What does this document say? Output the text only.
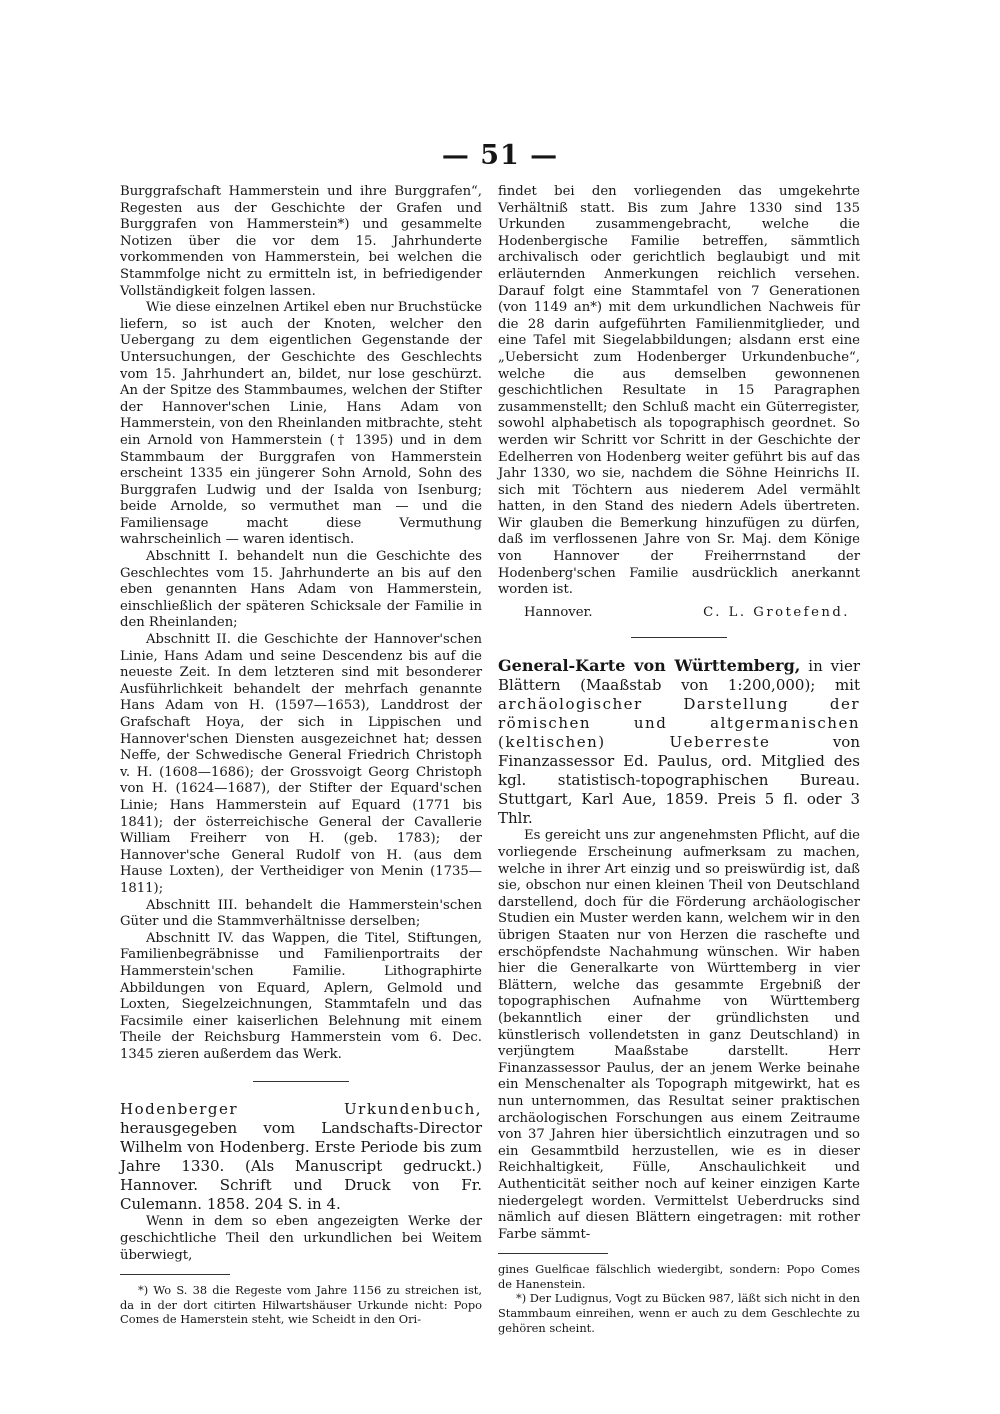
— 51 —

Burggrafschaft Hammerstein und ihre Burggrafen“, Regesten aus der Geschichte der Grafen und Burggrafen von Hammerstein*) und gesammelte Notizen über die vor dem 15. Jahrhunderte vorkommenden von Hammerstein, bei welchen die Stammfolge nicht zu ermitteln ist, in befriedigender Vollständigkeit folgen lassen.

Wie diese einzelnen Artikel eben nur Bruchstücke liefern, so ist auch der Knoten, welcher den Uebergang zu dem eigentlichen Gegenstande der Untersuchungen, der Geschichte des Geschlechts vom 15. Jahrhundert an, bildet, nur lose geschürzt. An der Spitze des Stammbaumes, welchen der Stifter der Hannover'schen Linie, Hans Adam von Hammerstein, von den Rheinlanden mitbrachte, steht ein Arnold von Hammerstein († 1395) und in dem Stammbaum der Burggrafen von Hammerstein erscheint 1335 ein jüngerer Sohn Arnold, Sohn des Burggrafen Ludwig und der Isalda von Isenburg; beide Arnolde, so vermuthet man — und die Familiensage macht diese Vermuthung wahrscheinlich — waren identisch.

Abschnitt I. behandelt nun die Geschichte des Geschlechtes vom 15. Jahrhunderte an bis auf den eben genannten Hans Adam von Hammerstein, einschließlich der späteren Schicksale der Familie in den Rheinlanden;

Abschnitt II. die Geschichte der Hannover'schen Linie, Hans Adam und seine Descendenz bis auf die neueste Zeit. In dem letzteren sind mit besonderer Ausführlichkeit behandelt der mehrfach genannte Hans Adam von H. (1597—1653), Landdrost der Grafschaft Hoya, der sich in Lippischen und Hannover'schen Diensten ausgezeichnet hat; dessen Neffe, der Schwedische General Friedrich Christoph v. H. (1608—1686); der Grossvoigt Georg Christoph von H. (1624—1687), der Stifter der Equard'schen Linie; Hans Hammerstein auf Equard (1771 bis 1841); der österreichische General der Cavallerie William Freiherr von H. (geb. 1783); der Hannover'sche General Rudolf von H. (aus dem Hause Loxten), der Vertheidiger von Menin (1735—1811);

Abschnitt III. behandelt die Hammerstein'schen Güter und die Stammverhältnisse derselben;

Abschnitt IV. das Wappen, die Titel, Stiftungen, Familienbegräbnisse und Familienportraits der Hammerstein'schen Familie. Lithographirte Abbildungen von Equard, Aplern, Gelmold und Loxten, Siegelzeichnungen, Stammtafeln und das Facsimile einer kaiserlichen Belehnung mit einem Theile der Reichsburg Hammerstein vom 6. Dec. 1345 zieren außerdem das Werk.

Hodenberger Urkundenbuch, herausgegeben vom Landschafts-Director Wilhelm von Hodenberg. Erste Periode bis zum Jahre 1330. (Als Manuscript gedruckt.) Hannover. Schrift und Druck von Fr. Culemann. 1858. 204 S. in 4.

Wenn in dem so eben angezeigten Werke der geschichtliche Theil den urkundlichen bei Weitem überwiegt,

*) Wo S. 38 die Regeste vom Jahre 1156 zu streichen ist, da in der dort citirten Hilwartshäuser Urkunde nicht: Popo Comes de Hamerstein steht, wie Scheidt in den Ori-

findet bei den vorliegenden das umgekehrte Verhältniß statt. Bis zum Jahre 1330 sind 135 Urkunden zusammengebracht, welche die Hodenbergische Familie betreffen, sämmtlich archivalisch oder gerichtlich beglaubigt und mit erläuternden Anmerkungen reichlich versehen. Darauf folgt eine Stammtafel von 7 Generationen (von 1149 an*) mit dem urkundlichen Nachweis für die 28 darin aufgeführten Familienmitglieder, und eine Tafel mit Siegelabbildungen; alsdann erst eine „Uebersicht zum Hodenberger Urkundenbuche“, welche die aus demselben gewonnenen geschichtlichen Resultate in 15 Paragraphen zusammenstellt; den Schluß macht ein Güterregister, sowohl alphabetisch als topographisch geordnet. So werden wir Schritt vor Schritt in der Geschichte der Edelherren von Hodenberg weiter geführt bis auf das Jahr 1330, wo sie, nachdem die Söhne Heinrichs II. sich mit Töchtern aus niederem Adel vermählt hatten, in den Stand des niedern Adels übertreten. Wir glauben die Bemerkung hinzufügen zu dürfen, daß im verflossenen Jahre von Sr. Maj. dem Könige von Hannover der Freiherrnstand der Hodenberg'schen Familie ausdrücklich anerkannt worden ist.

Hannover.	C. L. Grotefend.

General-Karte von Württemberg, in vier Blättern (Maaßstab von 1:200,000); mit archäologischer Darstellung der römischen und altgermanischen (keltischen) Ueberreste von Finanzassessor Ed. Paulus, ord. Mitglied des kgl. statistisch-topographischen Bureau. Stuttgart, Karl Aue, 1859. Preis 5 fl. oder 3 Thlr.

Es gereicht uns zur angenehmsten Pflicht, auf die vorliegende Erscheinung aufmerksam zu machen, welche in ihrer Art einzig und so preiswürdig ist, daß sie, obschon nur einen kleinen Theil von Deutschland darstellend, doch für die Förderung archäologischer Studien ein Muster werden kann, welchem wir in den übrigen Staaten nur von Herzen die raschefte und erschöpfendste Nachahmung wünschen. Wir haben hier die Generalkarte von Württemberg in vier Blättern, welche das gesammte Ergebniß der topographischen Aufnahme von Württemberg (bekanntlich einer der gründlichsten und künstlerisch vollendetsten in ganz Deutschland) in verjüngtem Maaßstabe darstellt. Herr Finanzassessor Paulus, der an jenem Werke beinahe ein Menschenalter als Topograph mitgewirkt, hat es nun unternommen, das Resultat seiner praktischen archäologischen Forschungen aus einem Zeitraume von 37 Jahren hier übersichtlich einzutragen und so ein Gesammtbild herzustellen, wie es in dieser Reichhaltigkeit, Fülle, Anschaulichkeit und Authenticität seither noch auf keiner einzigen Karte niedergelegt worden. Vermittelst Ueberdrucks sind nämlich auf diesen Blättern eingetragen: mit rother Farbe sämmt-

gines Guelficae fälschlich wiedergibt, sondern: Popo Comes de Hanenstein.

*) Der Ludignus, Vogt zu Bücken 987, läßt sich nicht in den Stammbaum einreihen, wenn er auch zu dem Geschlechte zu gehören scheint.
